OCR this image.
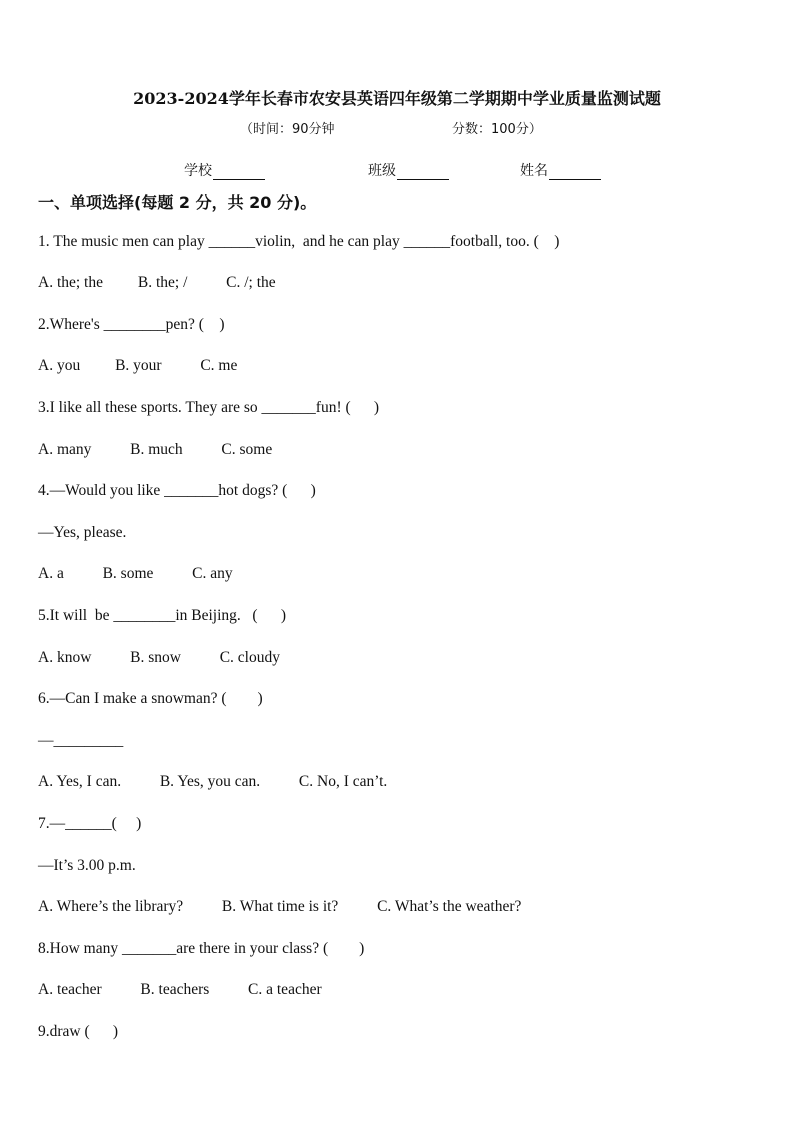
2023-2024学年长春市农安县英语四年级第二学期期中学业质量监测试题
（时间：90分钟	分数：100分）
学校	班级	姓名
一、单项选择(每题 2 分，共 20 分)。
1. The music men can play ______violin,  and he can play ______football, too. (    )
A. the; the         B. the; /          C. /; the
2.Where's ________pen? (    )
A. you         B. your          C. me
3.I like all these sports. They are so _______fun! (      )
A. many          B. much          C. some
4.—Would you like _______hot dogs? (      )
—Yes, please.
A. a          B. some          C. any
5.It will  be ________in Beijing.   (      )
A. know          B. snow          C. cloudy
6.—Can I make a snowman? (        )
—_________
A. Yes, I can.          B. Yes, you can.          C. No, I can’t.
7.—______(     )
—It’s 3.00 p.m.
A. Where’s the library?          B. What time is it?          C. What’s the weather?
8.How many _______are there in your class? (        )
A. teacher          B. teachers          C. a teacher
9.draw (      )
